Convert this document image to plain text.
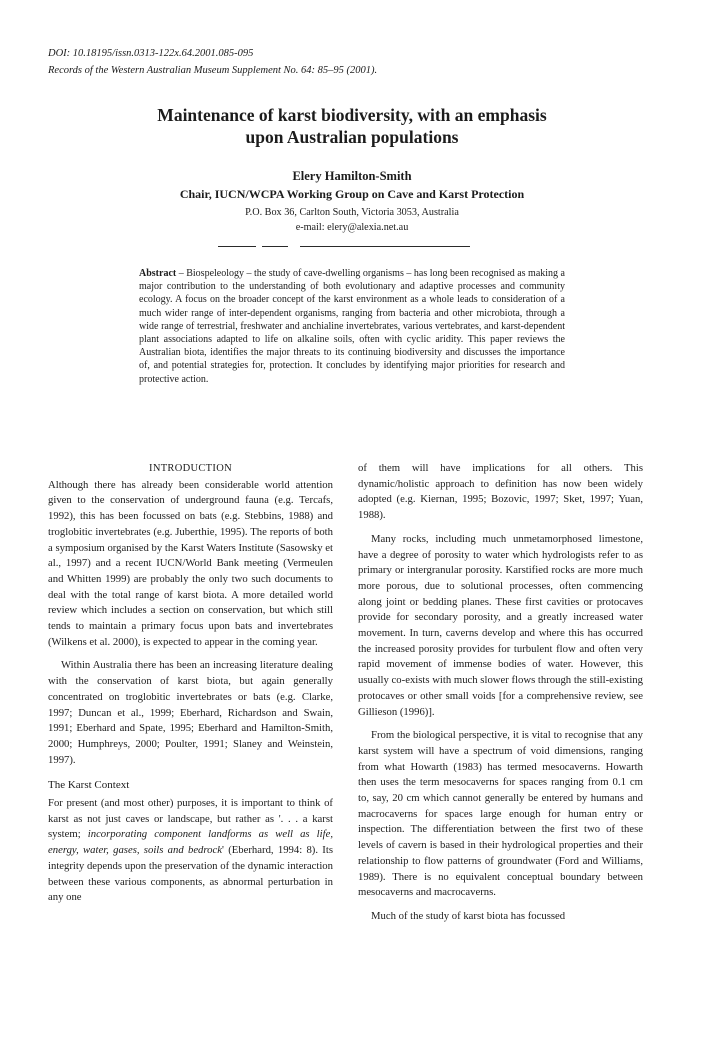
DOI: 10.18195/issn.0313-122x.64.2001.085-095
Records of the Western Australian Museum Supplement No. 64: 85–95 (2001).
Maintenance of karst biodiversity, with an emphasis
upon Australian populations
Elery Hamilton-Smith
Chair, IUCN/WCPA Working Group on Cave and Karst Protection
P.O. Box 36, Carlton South, Victoria 3053, Australia
e-mail: elery@alexia.net.au
Abstract – Biospeleology – the study of cave-dwelling organisms – has long been recognised as making a major contribution to the understanding of both evolutionary and adaptive processes and community ecology. A focus on the broader concept of the karst environment as a whole leads to consideration of a much wider range of inter-dependent organisms, ranging from bacteria and other microbiota, through a wide range of terrestrial, freshwater and anchialine invertebrates, various vertebrates, and karst-dependent plant associations adapted to life on alkaline soils, often with cyclic aridity. This paper reviews the Australian biota, identifies the major threats to its continuing biodiversity and discusses the importance of, and potential strategies for, protection. It concludes by identifying major priorities for research and protective action.
INTRODUCTION

Although there has already been considerable world attention given to the conservation of underground fauna (e.g. Tercafs, 1992), this has been focussed on bats (e.g. Stebbins, 1988) and troglobitic invertebrates (e.g. Juberthie, 1995). The reports of both a symposium organised by the Karst Waters Institute (Sasowsky et al., 1997) and a recent IUCN/World Bank meeting (Vermeulen and Whitten 1999) are probably the only two such documents to deal with the total range of karst biota. A more detailed world review which includes a section on conservation, but which still tends to maintain a primary focus upon bats and invertebrates (Wilkens et al. 2000), is expected to appear in the coming year.

Within Australia there has been an increasing literature dealing with the conservation of karst biota, but again generally concentrated on troglobitic invertebrates or bats (e.g. Clarke, 1997; Duncan et al., 1999; Eberhard, Richardson and Swain, 1991; Eberhard and Spate, 1995; Eberhard and Hamilton-Smith, 2000; Humphreys, 2000; Poulter, 1991; Slaney and Weinstein, 1997).

The Karst Context

For present (and most other) purposes, it is important to think of karst as not just caves or landscape, but rather as '. . . a karst system; incorporating component landforms as well as life, energy, water, gases, soils and bedrock' (Eberhard, 1994: 8). Its integrity depends upon the preservation of the dynamic interaction between these various components, as abnormal perturbation in any one

of them will have implications for all others. This dynamic/holistic approach to definition has now been widely adopted (e.g. Kiernan, 1995; Bozovic, 1997; Sket, 1997; Yuan, 1988).

Many rocks, including much unmetamorphosed limestone, have a degree of porosity to water which hydrologists refer to as primary or intergranular porosity. Karstified rocks are more much more porous, due to solutional processes, often commencing along joint or bedding planes. These first cavities or protocaves provide for secondary porosity, and a greatly increased water movement. In turn, caverns develop and where this has occurred the increased porosity provides for turbulent flow and often very rapid movement of immense bodies of water. However, this usually co-exists with much slower flows through the still-existing protocaves or other small voids [for a comprehensive review, see Gillieson (1996)].

From the biological perspective, it is vital to recognise that any karst system will have a spectrum of void dimensions, ranging from what Howarth (1983) has termed mesocaverns. Howarth then uses the term mesocaverns for spaces ranging from 0.1 cm to, say, 20 cm which cannot generally be entered by humans and macrocaverns for spaces large enough for human entry or inspection. The differentiation between the first two of these levels of cavern is based in their hydrological properties and their relationship to flow patterns of groundwater (Ford and Williams, 1989). There is no equivalent conceptual boundary between mesocaverns and macrocaverns.

Much of the study of karst biota has focussed
